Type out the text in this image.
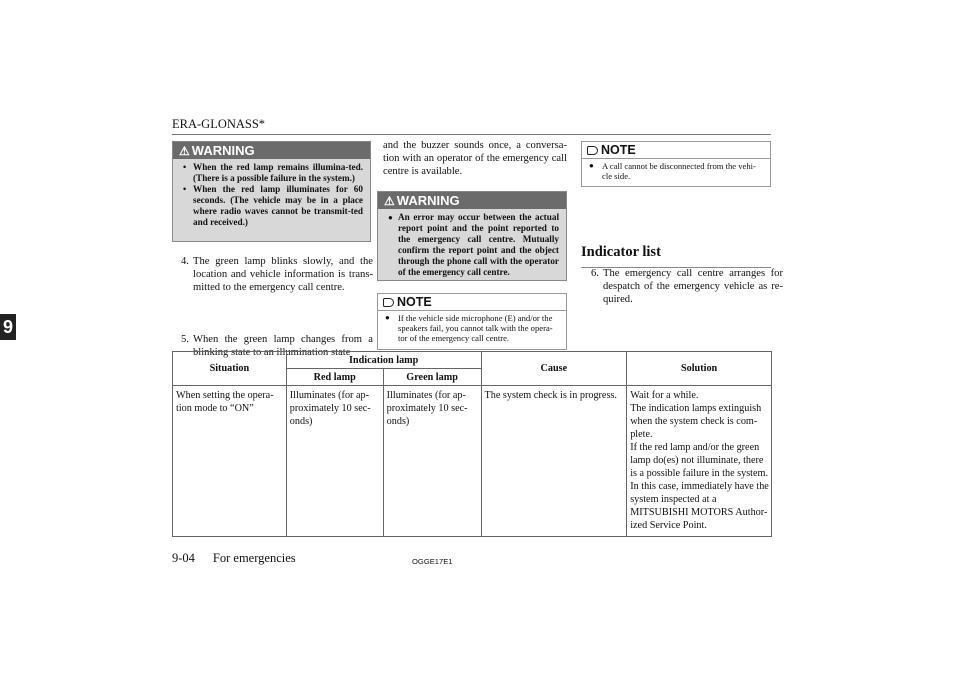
ERA-GLONASS*
9
⚠ WARNING
• When the red lamp remains illumina-ted. (There is a possible failure in the system.)
• When the red lamp illuminates for 60 seconds. (The vehicle may be in a place where radio waves cannot be transmit-ted and received.)
4. The green lamp blinks slowly, and the location and vehicle information is trans-mitted to the emergency call centre.
5. When the green lamp changes from a blinking state to an illumination state
and the buzzer sounds once, a conversa-tion with an operator of the emergency call centre is available.
⚠ WARNING
● An error may occur between the actual report point and the point reported to the emergency call centre. Mutually confirm the report point and the object through the phone call with the operator of the emergency call centre.
NOTE
● If the vehicle side microphone (E) and/or the speakers fail, you cannot talk with the opera-tor of the emergency call centre.
NOTE
● A call cannot be disconnected from the vehi-cle side.
6. The emergency call centre arranges for despatch of the emergency vehicle as re-quired.
Indicator list
Situation	Indication lamp		Cause	Solution
	Red lamp	Green lamp		
When setting the opera-tion mode to “ON”	Illuminates (for ap-proximately 10 sec-onds)	Illuminates (for ap-proximately 10 sec-onds)	The system check is in progress.	Wait for a while.
The indication lamps extinguish when the system check is com-plete.
If the red lamp and/or the green lamp do(es) not illuminate, there is a possible failure in the system. In this case, immediately have the system inspected at a MITSUBISHI MOTORS Author-ized Service Point.
9-04 For emergencies	OGGE17E1
